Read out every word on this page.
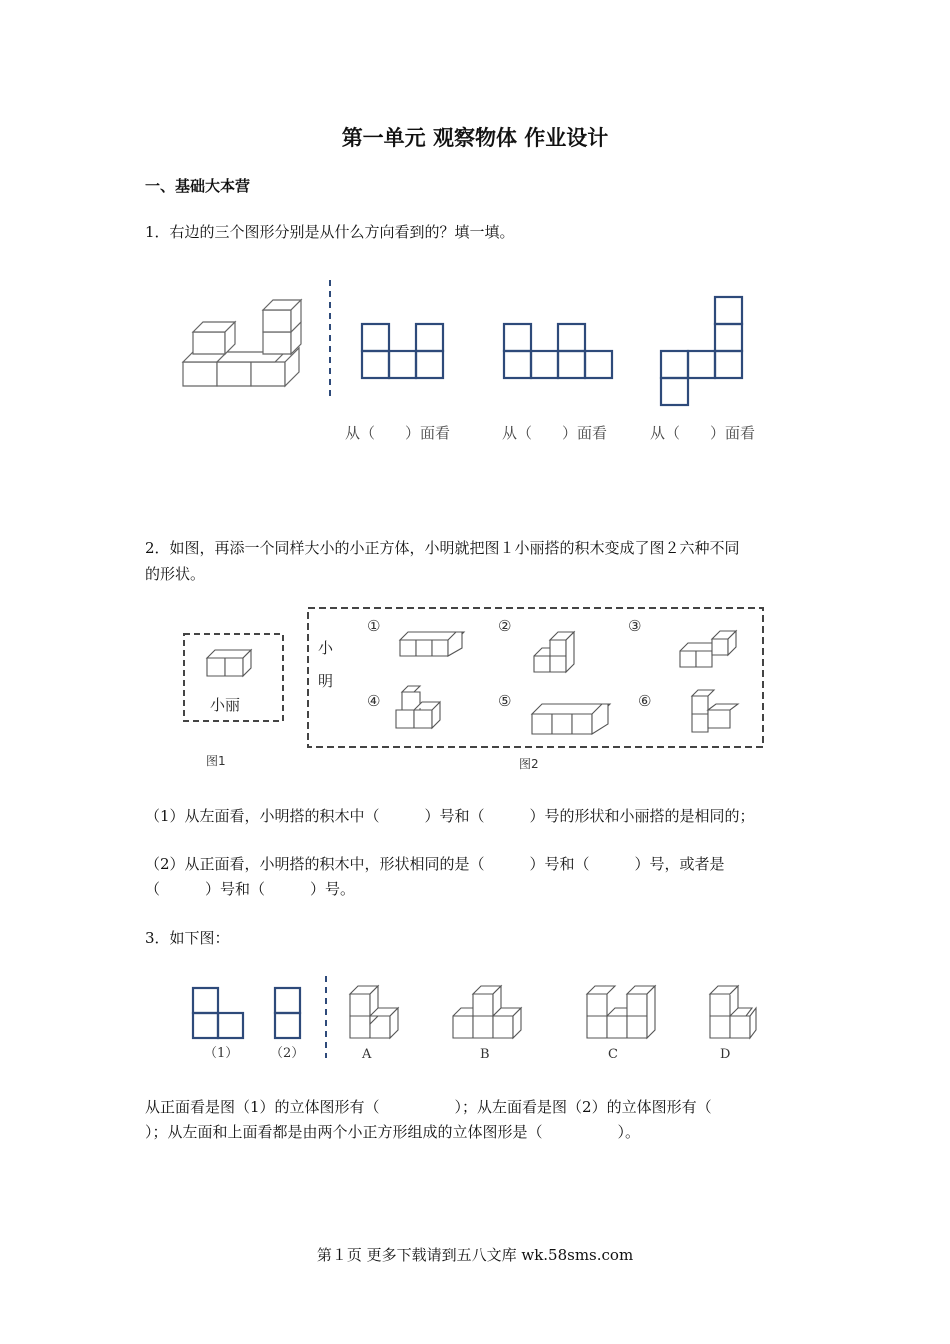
第一单元 观察物体 作业设计
一、基础大本营
1．右边的三个图形分别是从什么方向看到的？填一填。
从（　　）面看	从（　　）面看	从（　　）面看
2．如图，再添一个同样大小的小正方体，小明就把图１小丽搭的积木变成了图２六种不同
的形状。
①	②	③
④	⑤	⑥
小丽
小
明
图1	图2
（1）从左面看，小明搭的积木中（　　　）号和（　　　）号的形状和小丽搭的是相同的；
（2）从正面看，小明搭的积木中，形状相同的是（　　　）号和（　　　）号，或者是
（　　　）号和（　　　）号。
3．如下图：
（1） （2）	A	B	C	D
从正面看是图（1）的立体图形有（　　　　　）；从左面看是图（2）的立体图形有（
）；从左面和上面看都是由两个小正方形组成的立体图形是（　　　　　）。
第１页 更多下载请到五八文库 wk.58sms.com
